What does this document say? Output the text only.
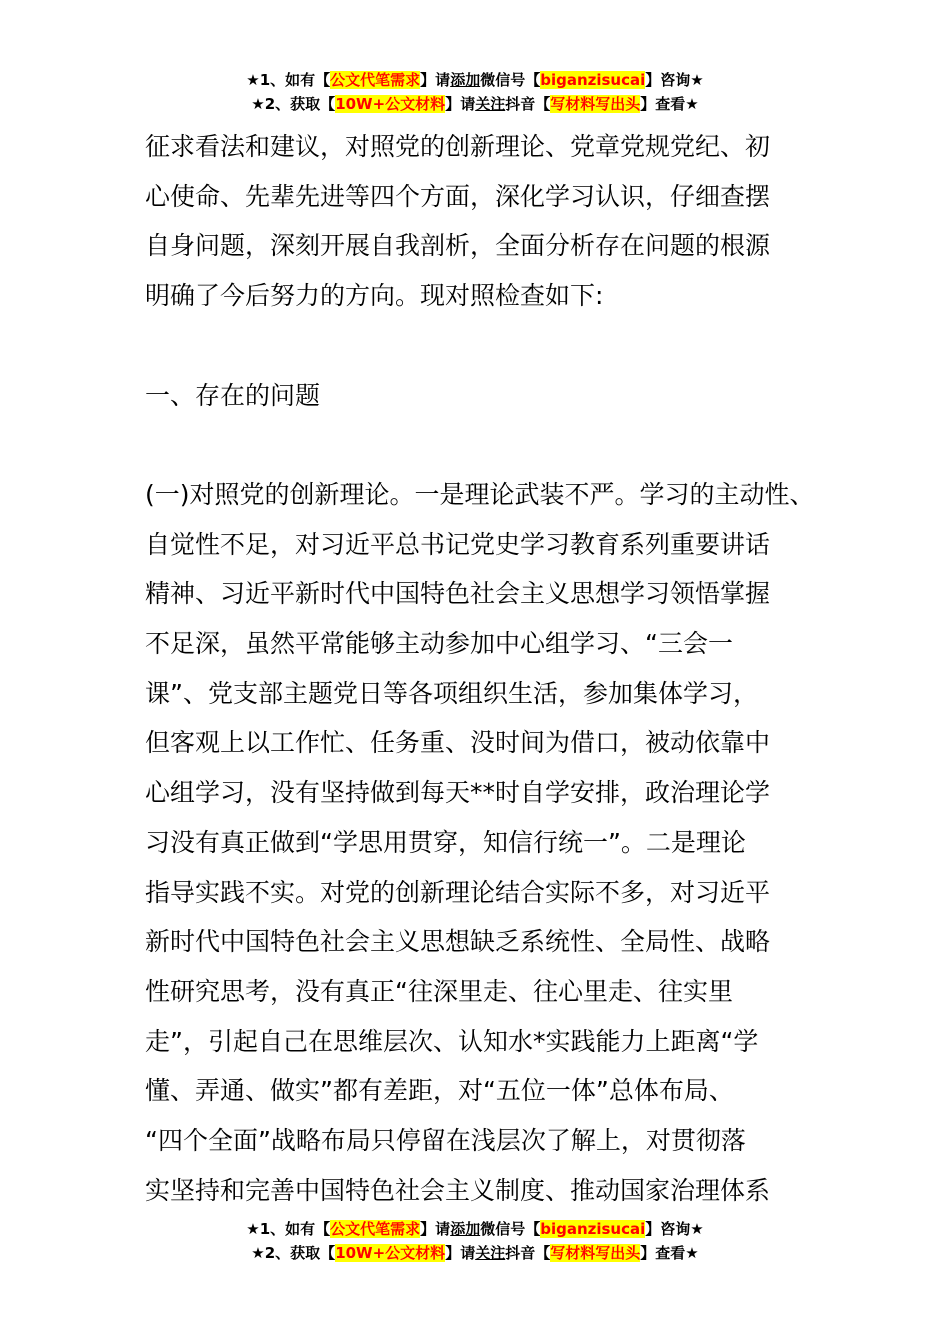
★1、如有【公文代笔需求】请添加微信号【biganzisucai】咨询★
★2、获取【10W+公文材料】请关注抖音【写材料写出头】查看★
征求看法和建议，对照党的创新理论、党章党规党纪、初
心使命、先辈先进等四个方面，深化学习认识，仔细查摆
自身问题，深刻开展自我剖析，全面分析存在问题的根源
明确了今后努力的方向。现对照检查如下:
一、存在的问题
(一)对照党的创新理论。一是理论武装不严。学习的主动性、
自觉性不足，对习近平总书记党史学习教育系列重要讲话
精神、习近平新时代中国特色社会主义思想学习领悟掌握
不足深，虽然平常能够主动参加中心组学习、“三会一
课”、党支部主题党日等各项组织生活，参加集体学习，
但客观上以工作忙、任务重、没时间为借口，被动依靠中
心组学习，没有坚持做到每天**时自学安排，政治理论学
习没有真正做到“学思用贯穿，知信行统一”。二是理论
指导实践不实。对党的创新理论结合实际不多，对习近平
新时代中国特色社会主义思想缺乏系统性、全局性、战略
性研究思考，没有真正“往深里走、往心里走、往实里
走”，引起自己在思维层次、认知水*实践能力上距离“学
懂、弄通、做实”都有差距，对“五位一体”总体布局、
“四个全面”战略布局只停留在浅层次了解上，对贯彻落
实坚持和完善中国特色社会主义制度、推动国家治理体系
★1、如有【公文代笔需求】请添加微信号【biganzisucai】咨询★
★2、获取【10W+公文材料】请关注抖音【写材料写出头】查看★
